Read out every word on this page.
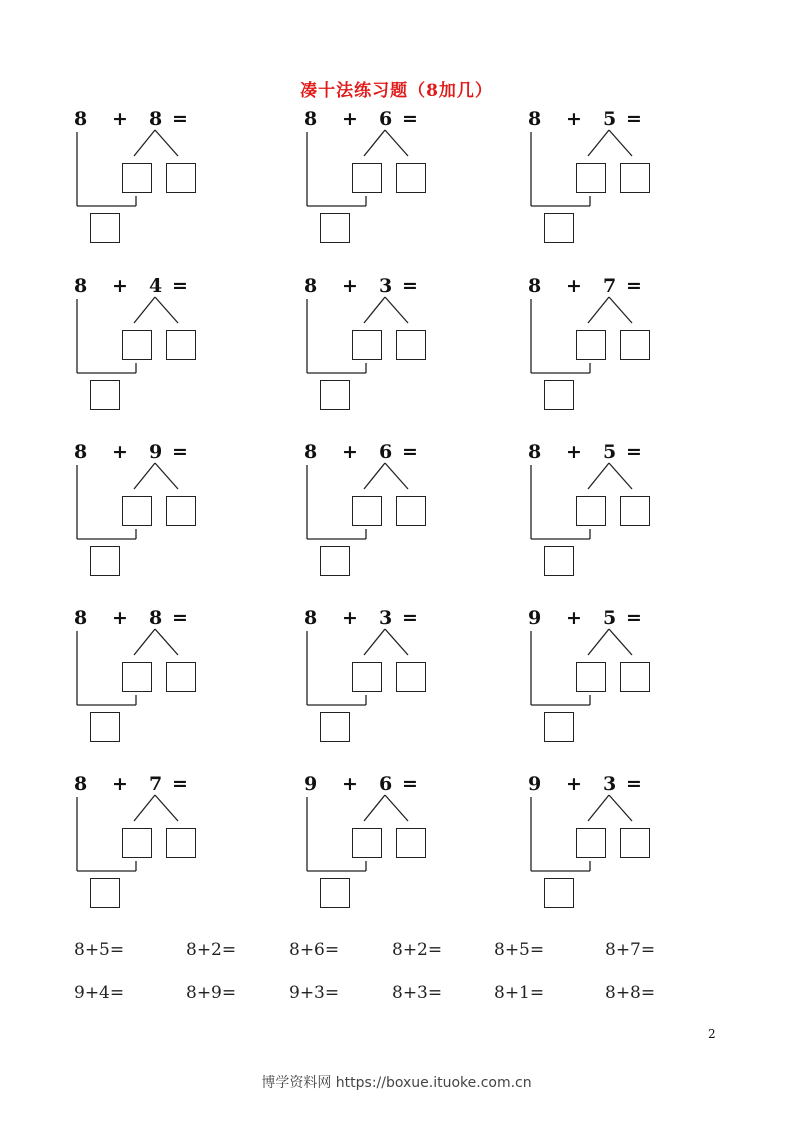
凑十法练习题（8加几）
8 + 8 =	8 + 6 =	8 + 5 =
8 + 4 =	8 + 3 =	8 + 7 =
8 + 9 =	8 + 6 =	8 + 5 =
8 + 8 =	8 + 3 =	9 + 5 =
8 + 7 =	9 + 6 =	9 + 3 =
8+5=	8+2=	8+6=	8+2=	8+5=	8+7=
9+4=	8+9=	9+3=	8+3=	8+1=	8+8=
2
博学资料网 https://boxue.ituoke.com.cn
